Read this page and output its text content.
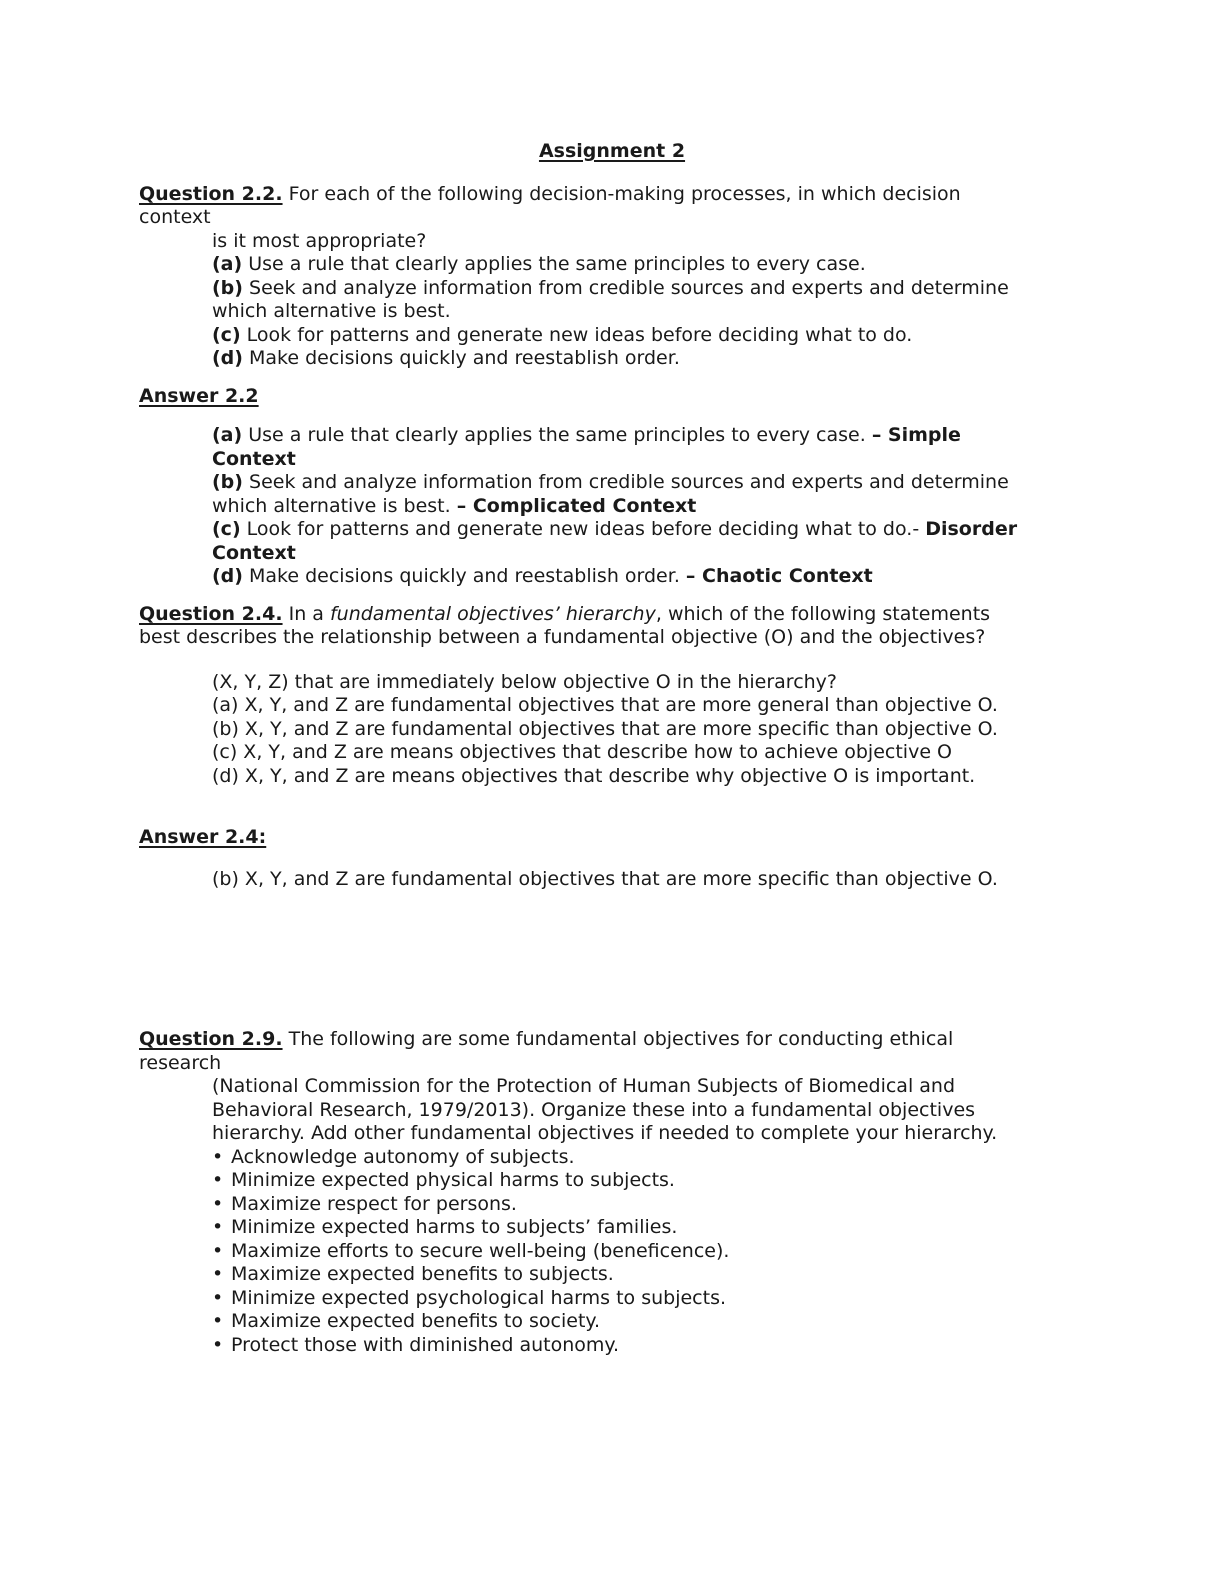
Assignment 2
Question 2.2. For each of the following decision-making processes, in which decision
context
is it most appropriate?
(a) Use a rule that clearly applies the same principles to every case.
(b) Seek and analyze information from credible sources and experts and determine
which alternative is best.
(c) Look for patterns and generate new ideas before deciding what to do.
(d) Make decisions quickly and reestablish order.
Answer 2.2
(a) Use a rule that clearly applies the same principles to every case. – Simple
Context
(b) Seek and analyze information from credible sources and experts and determine
which alternative is best. – Complicated Context
(c) Look for patterns and generate new ideas before deciding what to do.- Disorder
Context
(d) Make decisions quickly and reestablish order. – Chaotic Context
Question 2.4. In a fundamental objectives’ hierarchy, which of the following statements
best describes the relationship between a fundamental objective (O) and the objectives?
(X, Y, Z) that are immediately below objective O in the hierarchy?
(a) X, Y, and Z are fundamental objectives that are more general than objective O.
(b) X, Y, and Z are fundamental objectives that are more specific than objective O.
(c) X, Y, and Z are means objectives that describe how to achieve objective O
(d) X, Y, and Z are means objectives that describe why objective O is important.
Answer 2.4:
(b) X, Y, and Z are fundamental objectives that are more specific than objective O.
Question 2.9. The following are some fundamental objectives for conducting ethical
research
(National Commission for the Protection of Human Subjects of Biomedical and
Behavioral Research, 1979/2013). Organize these into a fundamental objectives
hierarchy. Add other fundamental objectives if needed to complete your hierarchy.
• Acknowledge autonomy of subjects.
• Minimize expected physical harms to subjects.
• Maximize respect for persons.
• Minimize expected harms to subjects’ families.
• Maximize efforts to secure well-being (beneficence).
• Maximize expected benefits to subjects.
• Minimize expected psychological harms to subjects.
• Maximize expected benefits to society.
• Protect those with diminished autonomy.
